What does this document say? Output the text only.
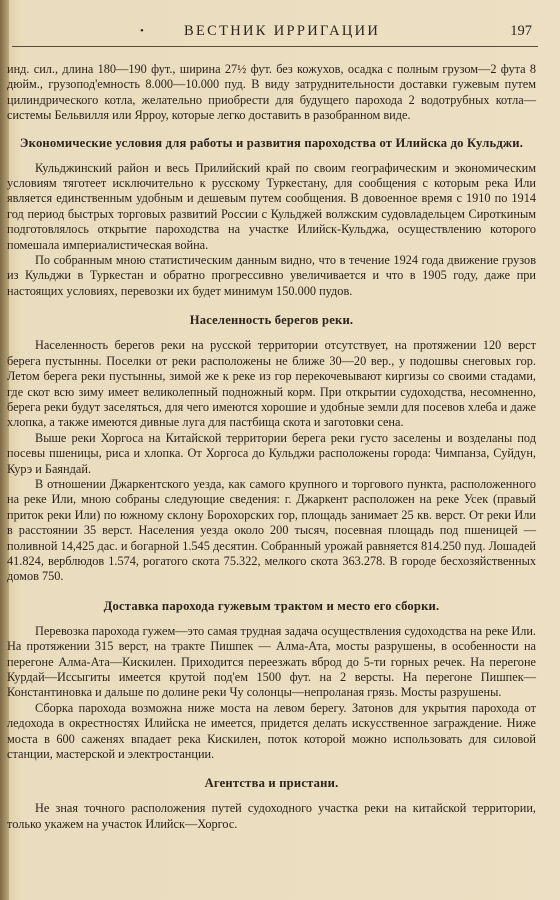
•	ВЕСТНИК ИРРИГАЦИИ	197

инд. сил., длина 180—190 фут., ширина 27½ фут. без кожухов, осадка с полным грузом—2 фута 8 дюйм., грузопод'емность 8.000—10.000 пуд. В виду затруднительности доставки гужевым путем цилиндрического котла, желательно приобрести для будущего парохода 2 водотрубных котла—системы Бельвилля или Ярроу, которые легко доставить в разобранном виде.

Экономические условия для работы и развития пароходства от Илийска до Кульджи.

Кульджинский район и весь Прилийский край по своим географическим и экономическим условиям тяготеет исключительно к русскому Туркестану, для сообщения с которым река Или является единственным удобным и дешевым путем сообщения. В довоенное время с 1910 по 1914 год период быстрых торговых развитий России с Кульджей волжским судовладельцем Сироткиным подготовлялось открытие пароходства на участке Илийск-Кульджа, осуществлению которого помешала империалистическая война.

По собранным мною статистическим данным видно, что в течение 1924 года движение грузов из Кульджи в Туркестан и обратно прогрессивно увеличивается и что в 1905 году, даже при настоящих условиях, перевозки их будет минимум 150.000 пудов.

Населенность берегов реки.

Населенность берегов реки на русской территории отсутствует, на протяжении 120 верст берега пустынны. Поселки от реки расположены не ближе 30—20 вер., у подошвы снеговых гор. Летом берега реки пустынны, зимой же к реке из гор перекочевывают киргизы со своими стадами, где скот всю зиму имеет великолепный подножный корм. При открытии судоходства, несомненно, берега реки будут заселяться, для чего имеются хорошие и удобные земли для посевов хлеба и даже хлопка, а также имеются дивные луга для пастбища скота и заготовки сена.

Выше реки Хоргоса на Китайской территории берега реки густо заселены и возделаны под посевы пшеницы, риса и хлопка. От Хоргоса до Кульджи расположены города: Чимпанза, Суйдун, Курэ и Баяндай.

В отношении Джаркентского уезда, как самого крупного и торгового пункта, расположенного на реке Или, мною собраны следующие сведения: г. Джаркент расположен на реке Усек (правый приток реки Или) по южному склону Борохорских гор, площадь занимает 25 кв. верст. От реки Или в расстоянии 35 верст. Населения уезда около 200 тысяч, посевная площадь под пшеницей — поливной 14,425 дас. и богарной 1.545 десятин. Собранный урожай равняется 814.250 пуд. Лошадей 41.824, верблюдов 1.574, рогатого скота 75.322, мелкого скота 363.278. В городе бесхозяйственных домов 750.

Доставка парохода гужевым трактом и место его сборки.

Перевозка парохода гужем—это самая трудная задача осуществления судоходства на реке Или. На протяжении 315 верст, на тракте Пишпек — Алма-Ата, мосты разрушены, в особенности на перегоне Алма-Ата—Кискилен. Приходится переезжать вброд до 5-ти горных речек. На перегоне Курдай—Иссыгиты имеется крутой под'ем 1500 фут. на 2 версты. На перегоне Пишпек—Константиновка и дальше по долине реки Чу солонцы—непроланая грязь. Мосты разрушены.

Сборка парохода возможна ниже моста на левом берегу. Затонов для укрытия парохода от ледохода в окрестностях Илийска не имеется, придется делать искусственное заграждение. Ниже моста в 600 саженях впадает река Кискилен, поток которой можно использовать для силовой станции, мастерской и электростанции.

Агентства и пристани.

Не зная точного расположения путей судоходного участка реки на китайской территории, только укажем на участок Илийск—Хоргос.
